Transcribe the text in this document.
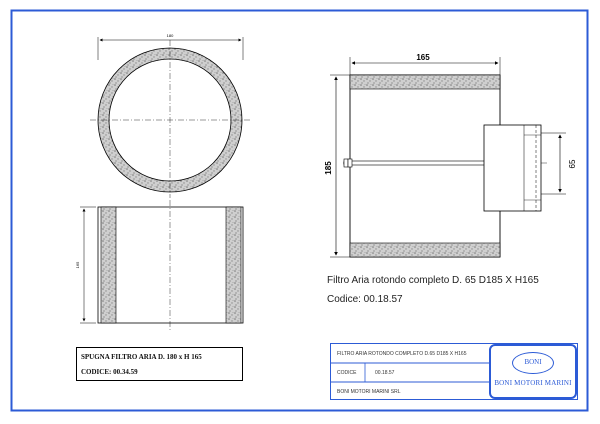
180
165
165
185	65
SPUGNA FILTRO ARIA D. 180 x H 165
CODICE: 00.34.59
Filtro Aria rotondo completo D. 65 D185 X H165
Codice: 00.18.57
FILTRO ARIA ROTONDO COMPLETO D.65 D185 X H165
CODICE	00.18.57
BONI MOTORI MARINI SRL
BONI
BONI MOTORI MARINI
